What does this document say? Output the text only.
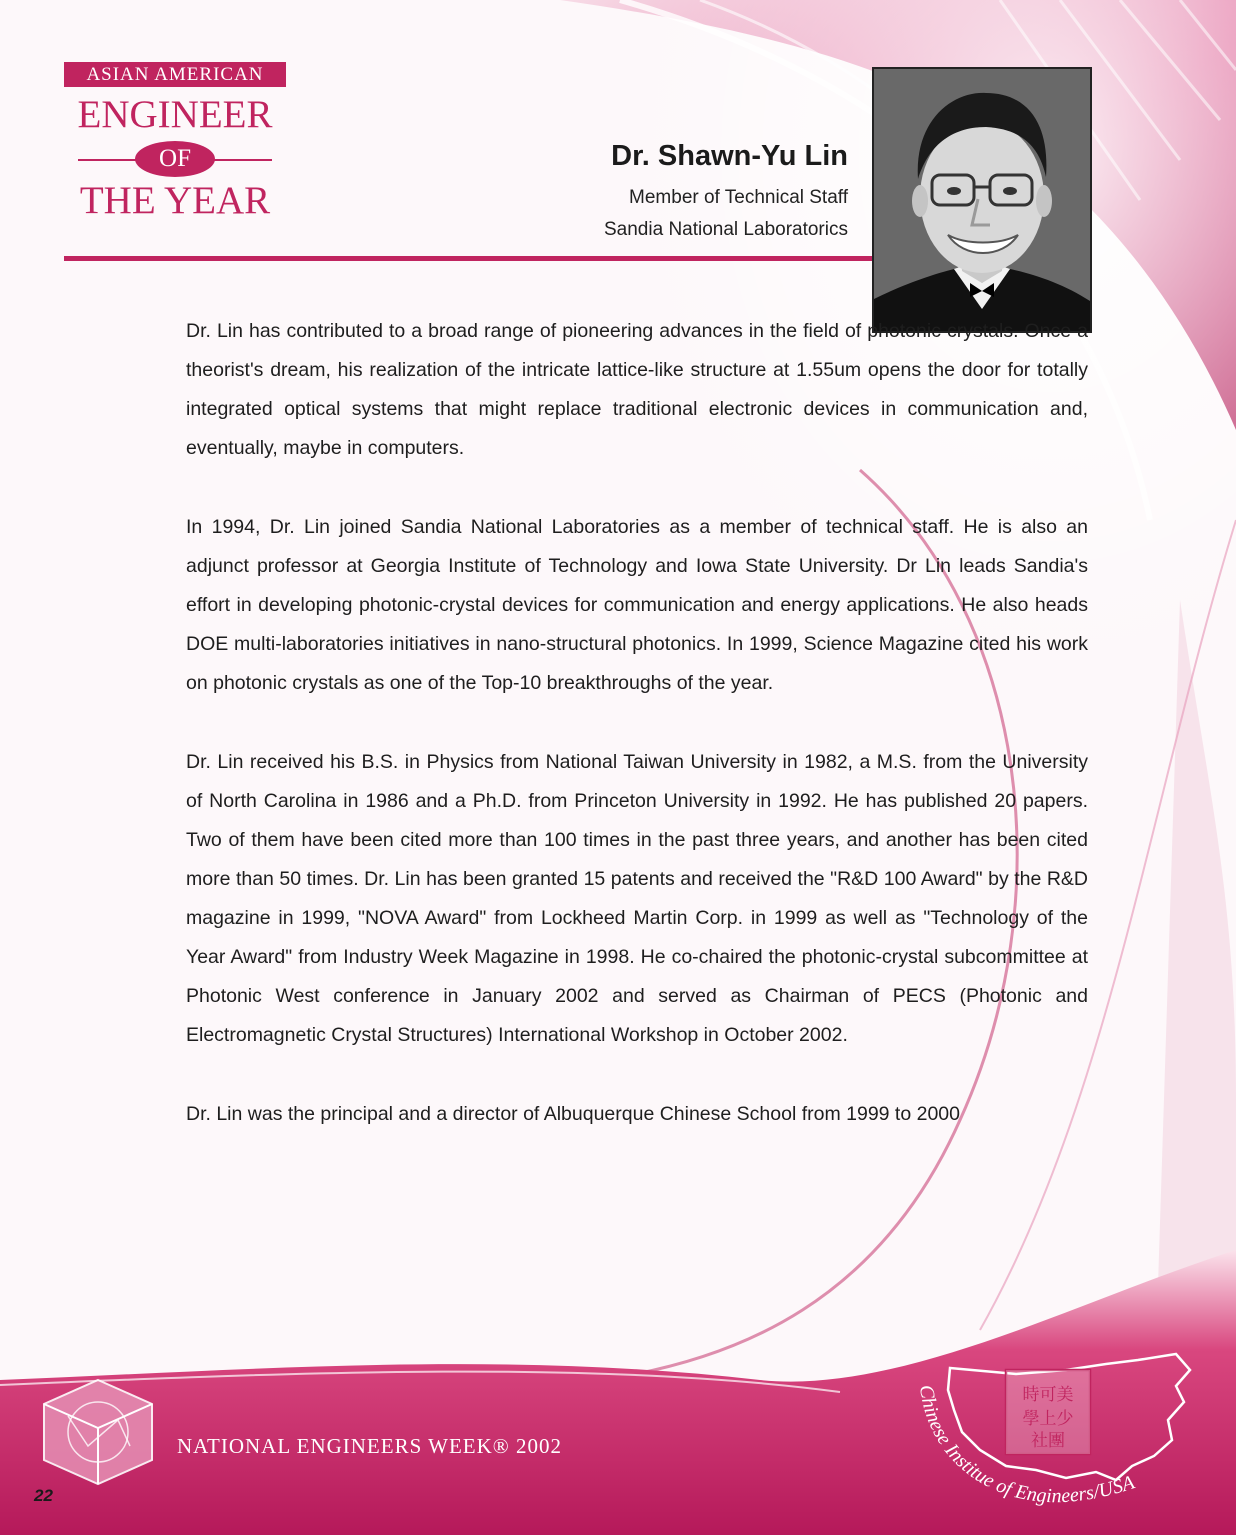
ASIAN AMERICAN
ENGINEER
OF
THE YEAR
Dr. Shawn-Yu Lin
Member of Technical Staff
Sandia National Laboratorics

Dr. Lin has contributed to a broad range of pioneering advances in the field of photonic crystals. Once a theorist's dream, his realization of the intricate lattice-like structure at 1.55um opens the door for totally integrated optical systems that might replace traditional electronic devices in communication and, eventually, maybe in computers.

In 1994, Dr. Lin joined Sandia National Laboratories as a member of technical staff. He is also an adjunct professor at Georgia Institute of Technology and Iowa State University. Dr Lin leads Sandia's effort in developing photonic-crystal devices for communication and energy applications. He also heads DOE multi-laboratories initiatives in nano-structural photonics. In 1999, Science Magazine cited his work on photonic crystals as one of the Top-10 breakthroughs of the year.

Dr. Lin received his B.S. in Physics from National Taiwan University in 1982, a M.S. from the University of North Carolina in 1986 and a Ph.D. from Princeton University in 1992. He has published 20 papers. Two of them have been cited more than 100 times in the past three years, and another has been cited more than 50 times. Dr. Lin has been granted 15 patents and received the "R&D 100 Award" by the R&D magazine in 1999, "NOVA Award" from Lockheed Martin Corp. in 1999 as well as "Technology of the Year Award" from Industry Week Magazine in 1998. He co-chaired the photonic-crystal subcommittee at Photonic West conference in January 2002 and served as Chairman of PECS (Photonic and Electromagnetic Crystal Structures) International Workshop in October 2002.

Dr. Lin was the principal and a director of Albuquerque Chinese School from 1999 to 2000

NATIONAL ENGINEERS WEEK® 2002
22
時可美
學上少
社團
Chinese Institue of Engineers/USA
